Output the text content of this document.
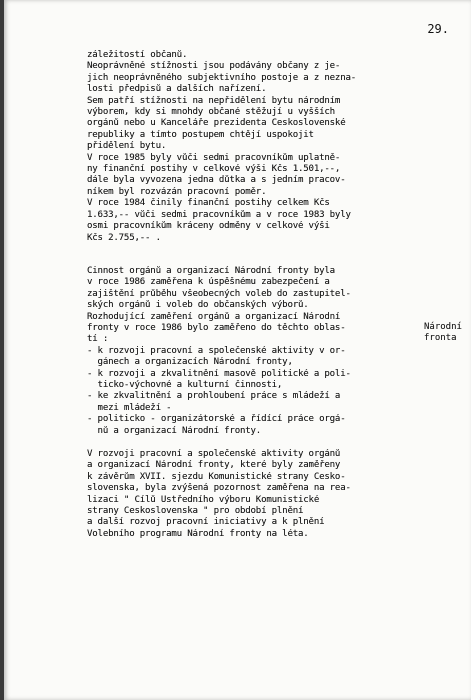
29.
záležitostí občanů.
Neoprávněné stížnosti jsou podávány občany z je-
jich neoprávněného subjektivního postoje a z nezna-
losti předpisů a dalších nařízení.
Sem patří stížnosti na nepřidělení bytu národním
výborem, kdy si mnohdy občané stěžují u vyšších
orgánů nebo u Kanceláře prezidenta Československé
republiky a tímto postupem chtějí uspokojit
přidělení bytu.
V roce 1985 byly vůči sedmi pracovníkům uplatně-
ny finanční postihy v celkové výši Kčs 1.501,--,
dále byla vyvozena jedna důtka a s jedním pracov-
níkem byl rozvázán pracovní poměr.
V roce 1984 činily finanční postihy celkem Kčs
1.633,-- vůči sedmi pracovníkům a v roce 1983 byly
osmi pracovníkům kráceny odměny v celkové výši
Kčs 2.755,-- .
Činnost orgánů a organizací Národní fronty byla
v roce 1986 zaměřena k úspěšnému zabezpečení a
zajištění průběhu všeobecných voleb do zastupitel-
ských orgánů i voleb do občanských výborů.
Rozhodující zaměření orgánů a organizací Národní
fronty v roce 1986 bylo zaměřeno do těchto oblas-
tí :
- k rozvoji pracovní a společenské aktivity v or-
gánech a organizacích Národní fronty,
- k rozvoji a zkvalitnění masově politické a poli-
ticko-výchovné a kulturní činnosti,
- ke zkvalitnění a prohloubení práce s mládeží a
mezi mládeží -
- politicko - organizátorské a řídící práce orgá-
nů a organizací Národní fronty.
V rozvoji pracovní a společenské aktivity orgánů
a organizací Národní fronty, které byly zaměřeny
k závěrům XVII. sjezdu Komunistické strany Česko-
slovenska, byla zvýšená pozornost zaměřena na rea-
lizaci " Cílů Ústředního výboru Komunistické
strany Československa " pro období plnění
a další rozvoj pracovní iniciativy a k plnění
Volebního programu Národní fronty na léta.
Národní
fronta
